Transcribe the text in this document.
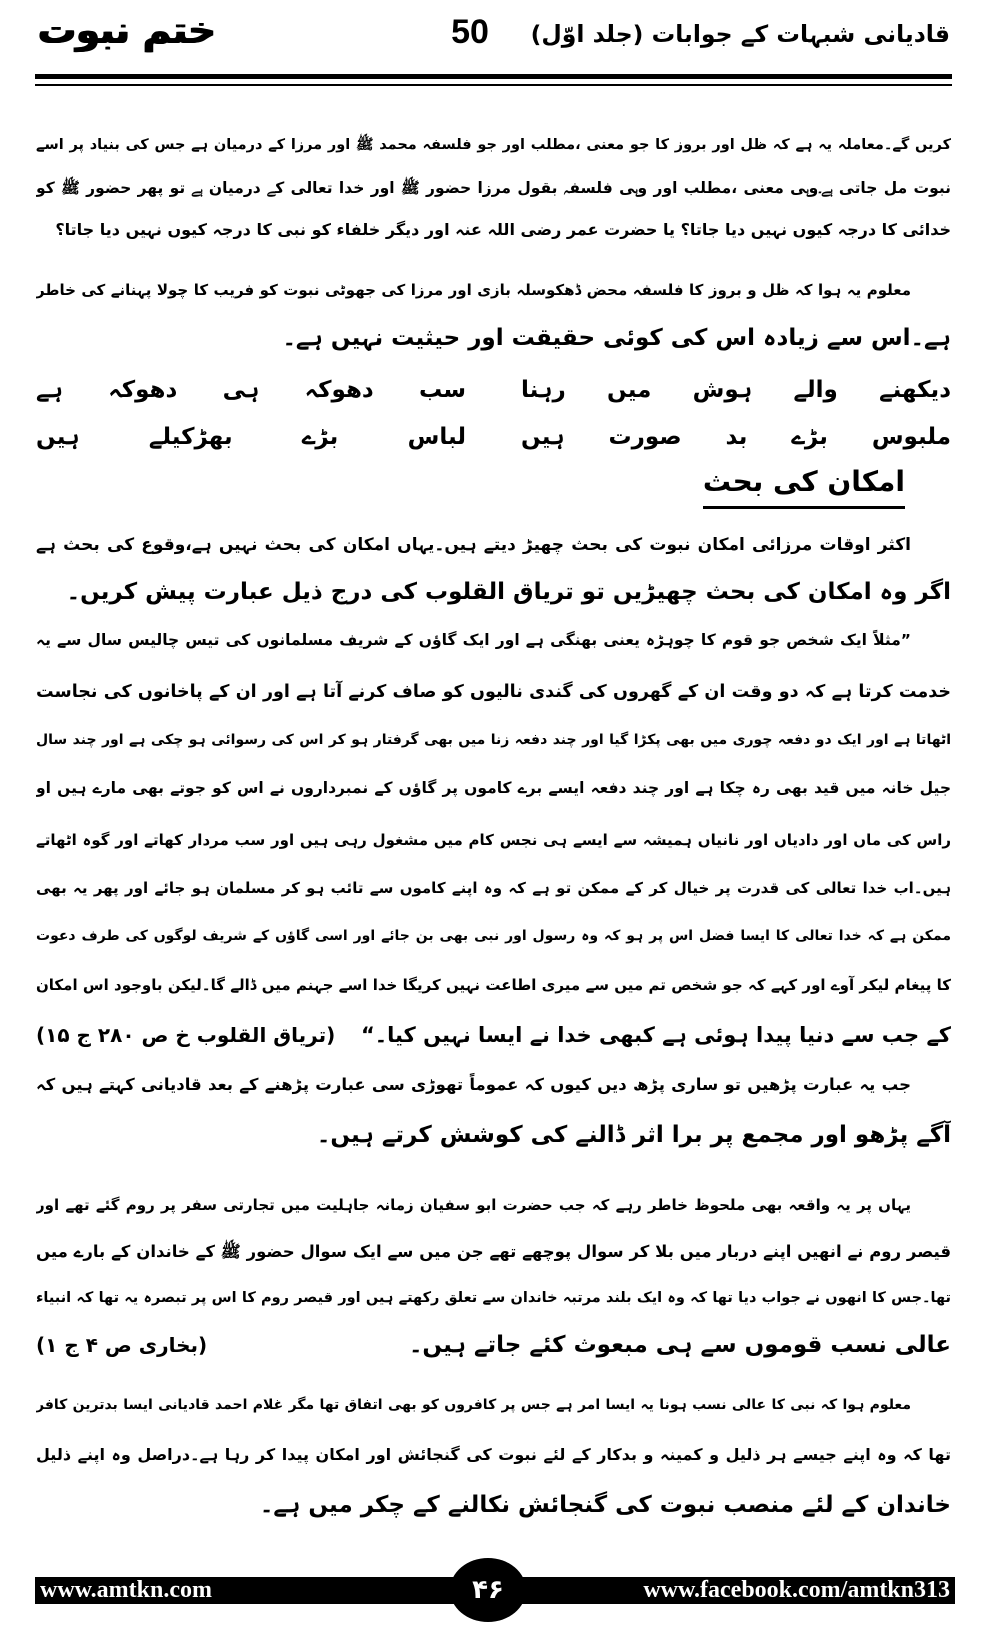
قادیانی شبہات کے جوابات (جلد اوّل)
50
ختم نبوت
کریں گے۔معاملہ یہ ہے کہ ظل اور بروز کا جو معنی ،مطلب اور جو فلسفہ محمد ﷺ اور مرزا کے درمیان ہے جس کی بنیاد پر اسے
نبوت مل جاتی ہے۔وہی معنی ،مطلب اور وہی فلسفہ بقول مرزا حضور ﷺ اور خدا تعالی کے درمیان ہے تو پھر حضور ﷺ کو
خدائی کا درجہ کیوں نہیں دیا جاتا؟ یا حضرت عمر رضی اللہ عنہ اور دیگر خلفاء کو نبی کا درجہ کیوں نہیں دیا جاتا؟
معلوم یہ ہوا کہ ظل و بروز کا فلسفہ محض ڈھکوسلہ بازی اور مرزا کی جھوٹی نبوت کو فریب کا چولا پہنانے کی خاطر
ہے۔اس سے زیادہ اس کی کوئی حقیقت اور حیثیت نہیں ہے۔
دیکھنے والے ہوش میں رہنا
سب دھوکہ ہی دھوکہ ہے
ملبوس بڑے بد صورت ہیں
لباس بڑے بھڑکیلے ہیں
امکان کی بحث
اکثر اوقات مرزائی امکان نبوت کی بحث چھیڑ دیتے ہیں۔یہاں امکان کی بحث نہیں ہے،وقوع کی بحث ہے
اگر وہ امکان کی بحث چھیڑیں تو تریاق القلوب کی درج ذیل عبارت پیش کریں۔
”مثلاً ایک شخص جو قوم کا چوہڑہ یعنی بھنگی ہے اور ایک گاؤں کے شریف مسلمانوں کی تیس چالیس سال سے یہ
خدمت کرتا ہے کہ دو وقت ان کے گھروں کی گندی نالیوں کو صاف کرنے آتا ہے اور ان کے پاخانوں کی نجاست
اٹھاتا ہے اور ایک دو دفعہ چوری میں بھی پکڑا گیا اور چند دفعہ زنا میں بھی گرفتار ہو کر اس کی رسوائی ہو چکی ہے اور چند سال
جیل خانہ میں قید بھی رہ چکا ہے اور چند دفعہ ایسے برے کاموں پر گاؤں کے نمبرداروں نے اس کو جوتے بھی مارے ہیں او
راس کی ماں اور دادیاں اور نانیاں ہمیشہ سے ایسے ہی نجس کام میں مشغول رہی ہیں اور سب مردار کھاتے اور گوہ اٹھاتے
ہیں۔اب خدا تعالی کی قدرت پر خیال کر کے ممکن تو ہے کہ وہ اپنے کاموں سے تائب ہو کر مسلمان ہو جائے اور پھر یہ بھی
ممکن ہے کہ خدا تعالی کا ایسا فضل اس پر ہو کہ وہ رسول اور نبی بھی بن جائے اور اسی گاؤں کے شریف لوگوں کی طرف دعوت
کا پیغام لیکر آوے اور کہے کہ جو شخص تم میں سے میری اطاعت نہیں کریگا خدا اسے جہنم میں ڈالے گا۔لیکن باوجود اس امکان
کے جب سے دنیا پیدا ہوئی ہے کبھی خدا نے ایسا نہیں کیا۔“
(تریاق القلوب خ ص ۲۸۰ ج ۱۵)
جب یہ عبارت پڑھیں تو ساری پڑھ دیں کیوں کہ عموماً تھوڑی سی عبارت پڑھنے کے بعد قادیانی کہتے ہیں کہ
آگے پڑھو اور مجمع پر برا اثر ڈالنے کی کوشش کرتے ہیں۔
یہاں پر یہ واقعہ بھی ملحوظ خاطر رہے کہ جب حضرت ابو سفیان زمانہ جاہلیت میں تجارتی سفر پر روم گئے تھے اور
قیصر روم نے انھیں اپنے دربار میں بلا کر سوال پوچھے تھے جن میں سے ایک سوال حضور ﷺ کے خاندان کے بارے میں
تھا۔جس کا انھوں نے جواب دیا تھا کہ وہ ایک بلند مرتبہ خاندان سے تعلق رکھتے ہیں اور قیصر روم کا اس پر تبصرہ یہ تھا کہ انبیاء
عالی نسب قوموں سے ہی مبعوث کئے جاتے ہیں۔
(بخاری ص ۴ ج ۱)
معلوم ہوا کہ نبی کا عالی نسب ہونا یہ ایسا امر ہے جس پر کافروں کو بھی اتفاق تھا مگر غلام احمد قادیانی ایسا بدترین کافر
تھا کہ وہ اپنے جیسے ہر ذلیل و کمینہ و بدکار کے لئے نبوت کی گنجائش اور امکان پیدا کر رہا ہے۔دراصل وہ اپنے ذلیل
خاندان کے لئے منصب نبوت کی گنجائش نکالنے کے چکر میں ہے۔
www.amtkn.com	www.facebook.com/amtkn313
۴۶
